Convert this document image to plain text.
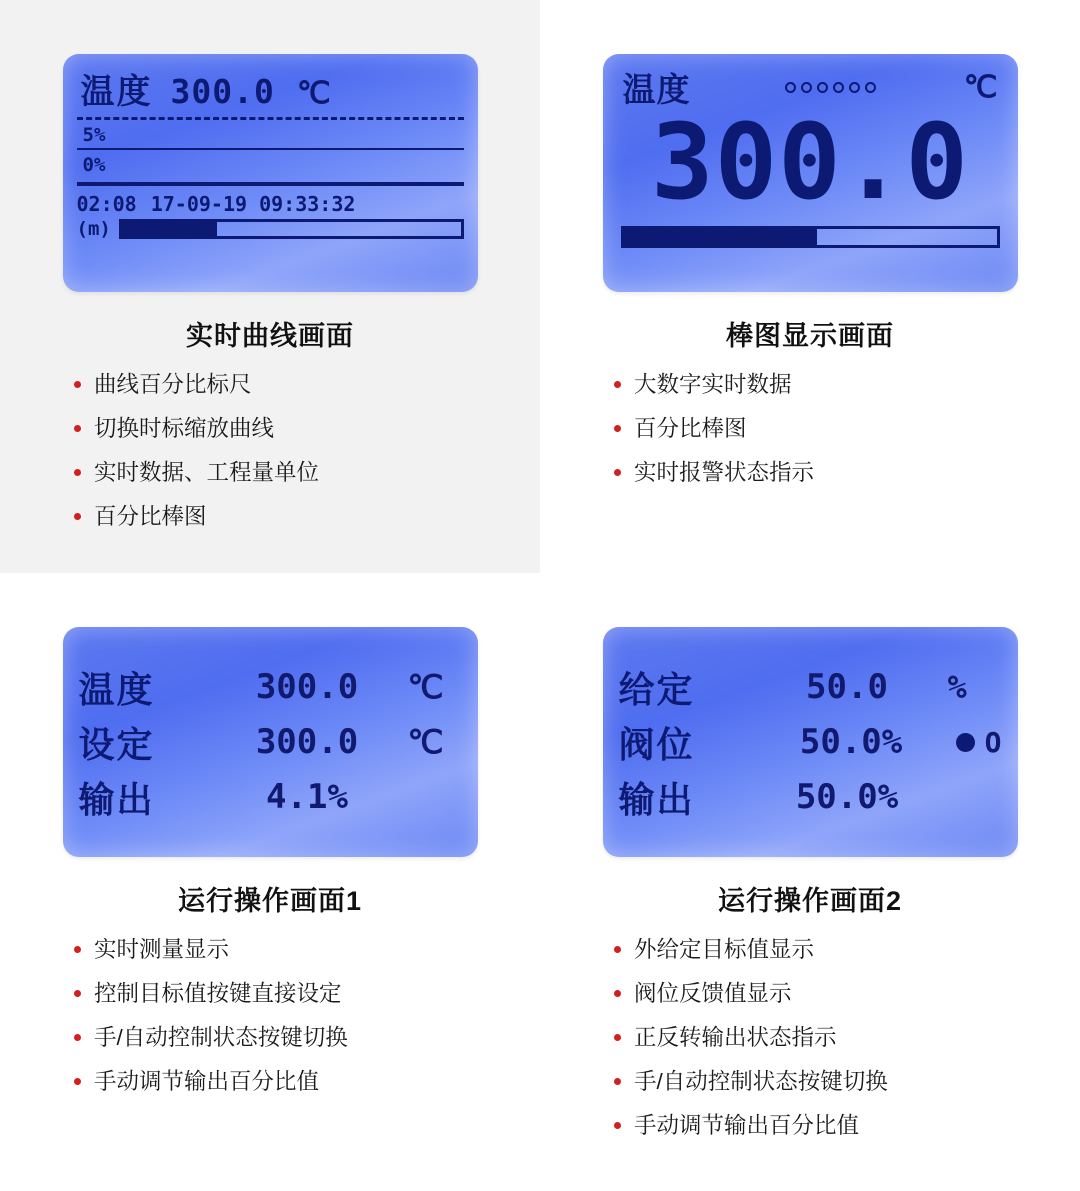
温度 300.0 ℃
5%
0%
02:08 17-09-19 09:33:32
(m)
实时曲线画面
曲线百分比标尺
切换时标缩放曲线
实时数据、工程量单位
百分比棒图
温度	℃
300.0
棒图显示画面
大数字实时数据
百分比棒图
实时报警状态指示
温度	300.0	℃
设定	300.0	℃
输出	4.1%
运行操作画面1
实时测量显示
控制目标值按键直接设定
手/自动控制状态按键切换
手动调节输出百分比值
给定	50.0	%
阀位	50.0%	O
输出	50.0%
运行操作画面2
外给定目标值显示
阀位反馈值显示
正反转输出状态指示
手/自动控制状态按键切换
手动调节输出百分比值
